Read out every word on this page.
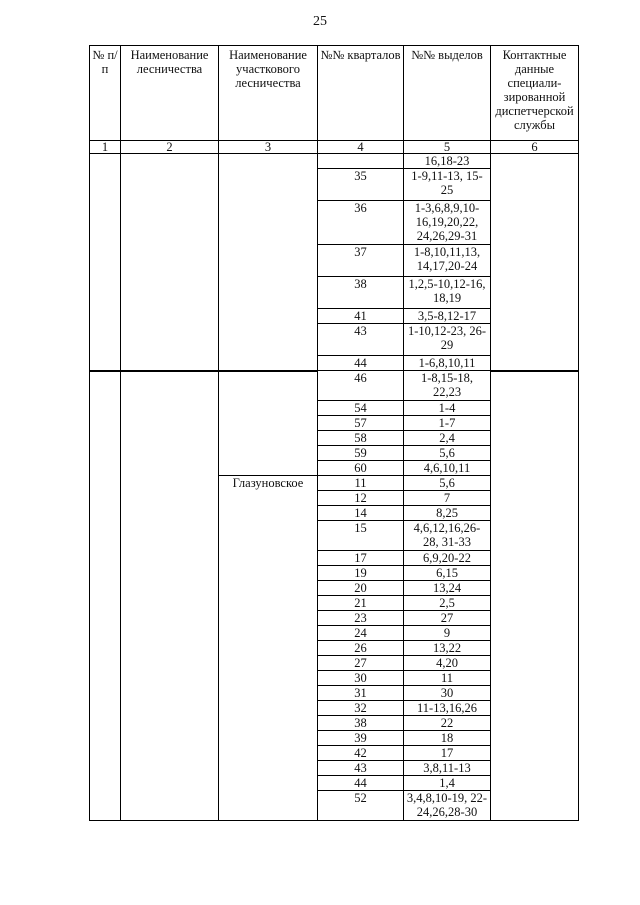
25
№ п/п	Наименование лесничества	Наименование участкового лесничества	№№ кварталов	№№ выделов	Контактные данные специали-зированной диспетчерской службы
1	2	3	4	5	6
				16,18-23	
			35	1-9,11-13, 15-25	
			36	1-3,6,8,9,10-16,19,20,22, 24,26,29-31	
			37	1-8,10,11,13, 14,17,20-24	
			38	1,2,5-10,12-16, 18,19	
			41	3,5-8,12-17	
			43	1-10,12-23, 26-29	
			44	1-6,8,10,11	
			46	1-8,15-18, 22,23	
			54	1-4	
			57	1-7	
			58	2,4	
			59	5,6	
			60	4,6,10,11	
		Глазуновское	11	5,6	
			12	7	
			14	8,25	
			15	4,6,12,16,26-28, 31-33	
			17	6,9,20-22	
			19	6,15	
			20	13,24	
			21	2,5	
			23	27	
			24	9	
			26	13,22	
			27	4,20	
			30	11	
			31	30	
			32	11-13,16,26	
			38	22	
			39	18	
			42	17	
			43	3,8,11-13	
			44	1,4	
			52	3,4,8,10-19, 22-24,26,28-30	
